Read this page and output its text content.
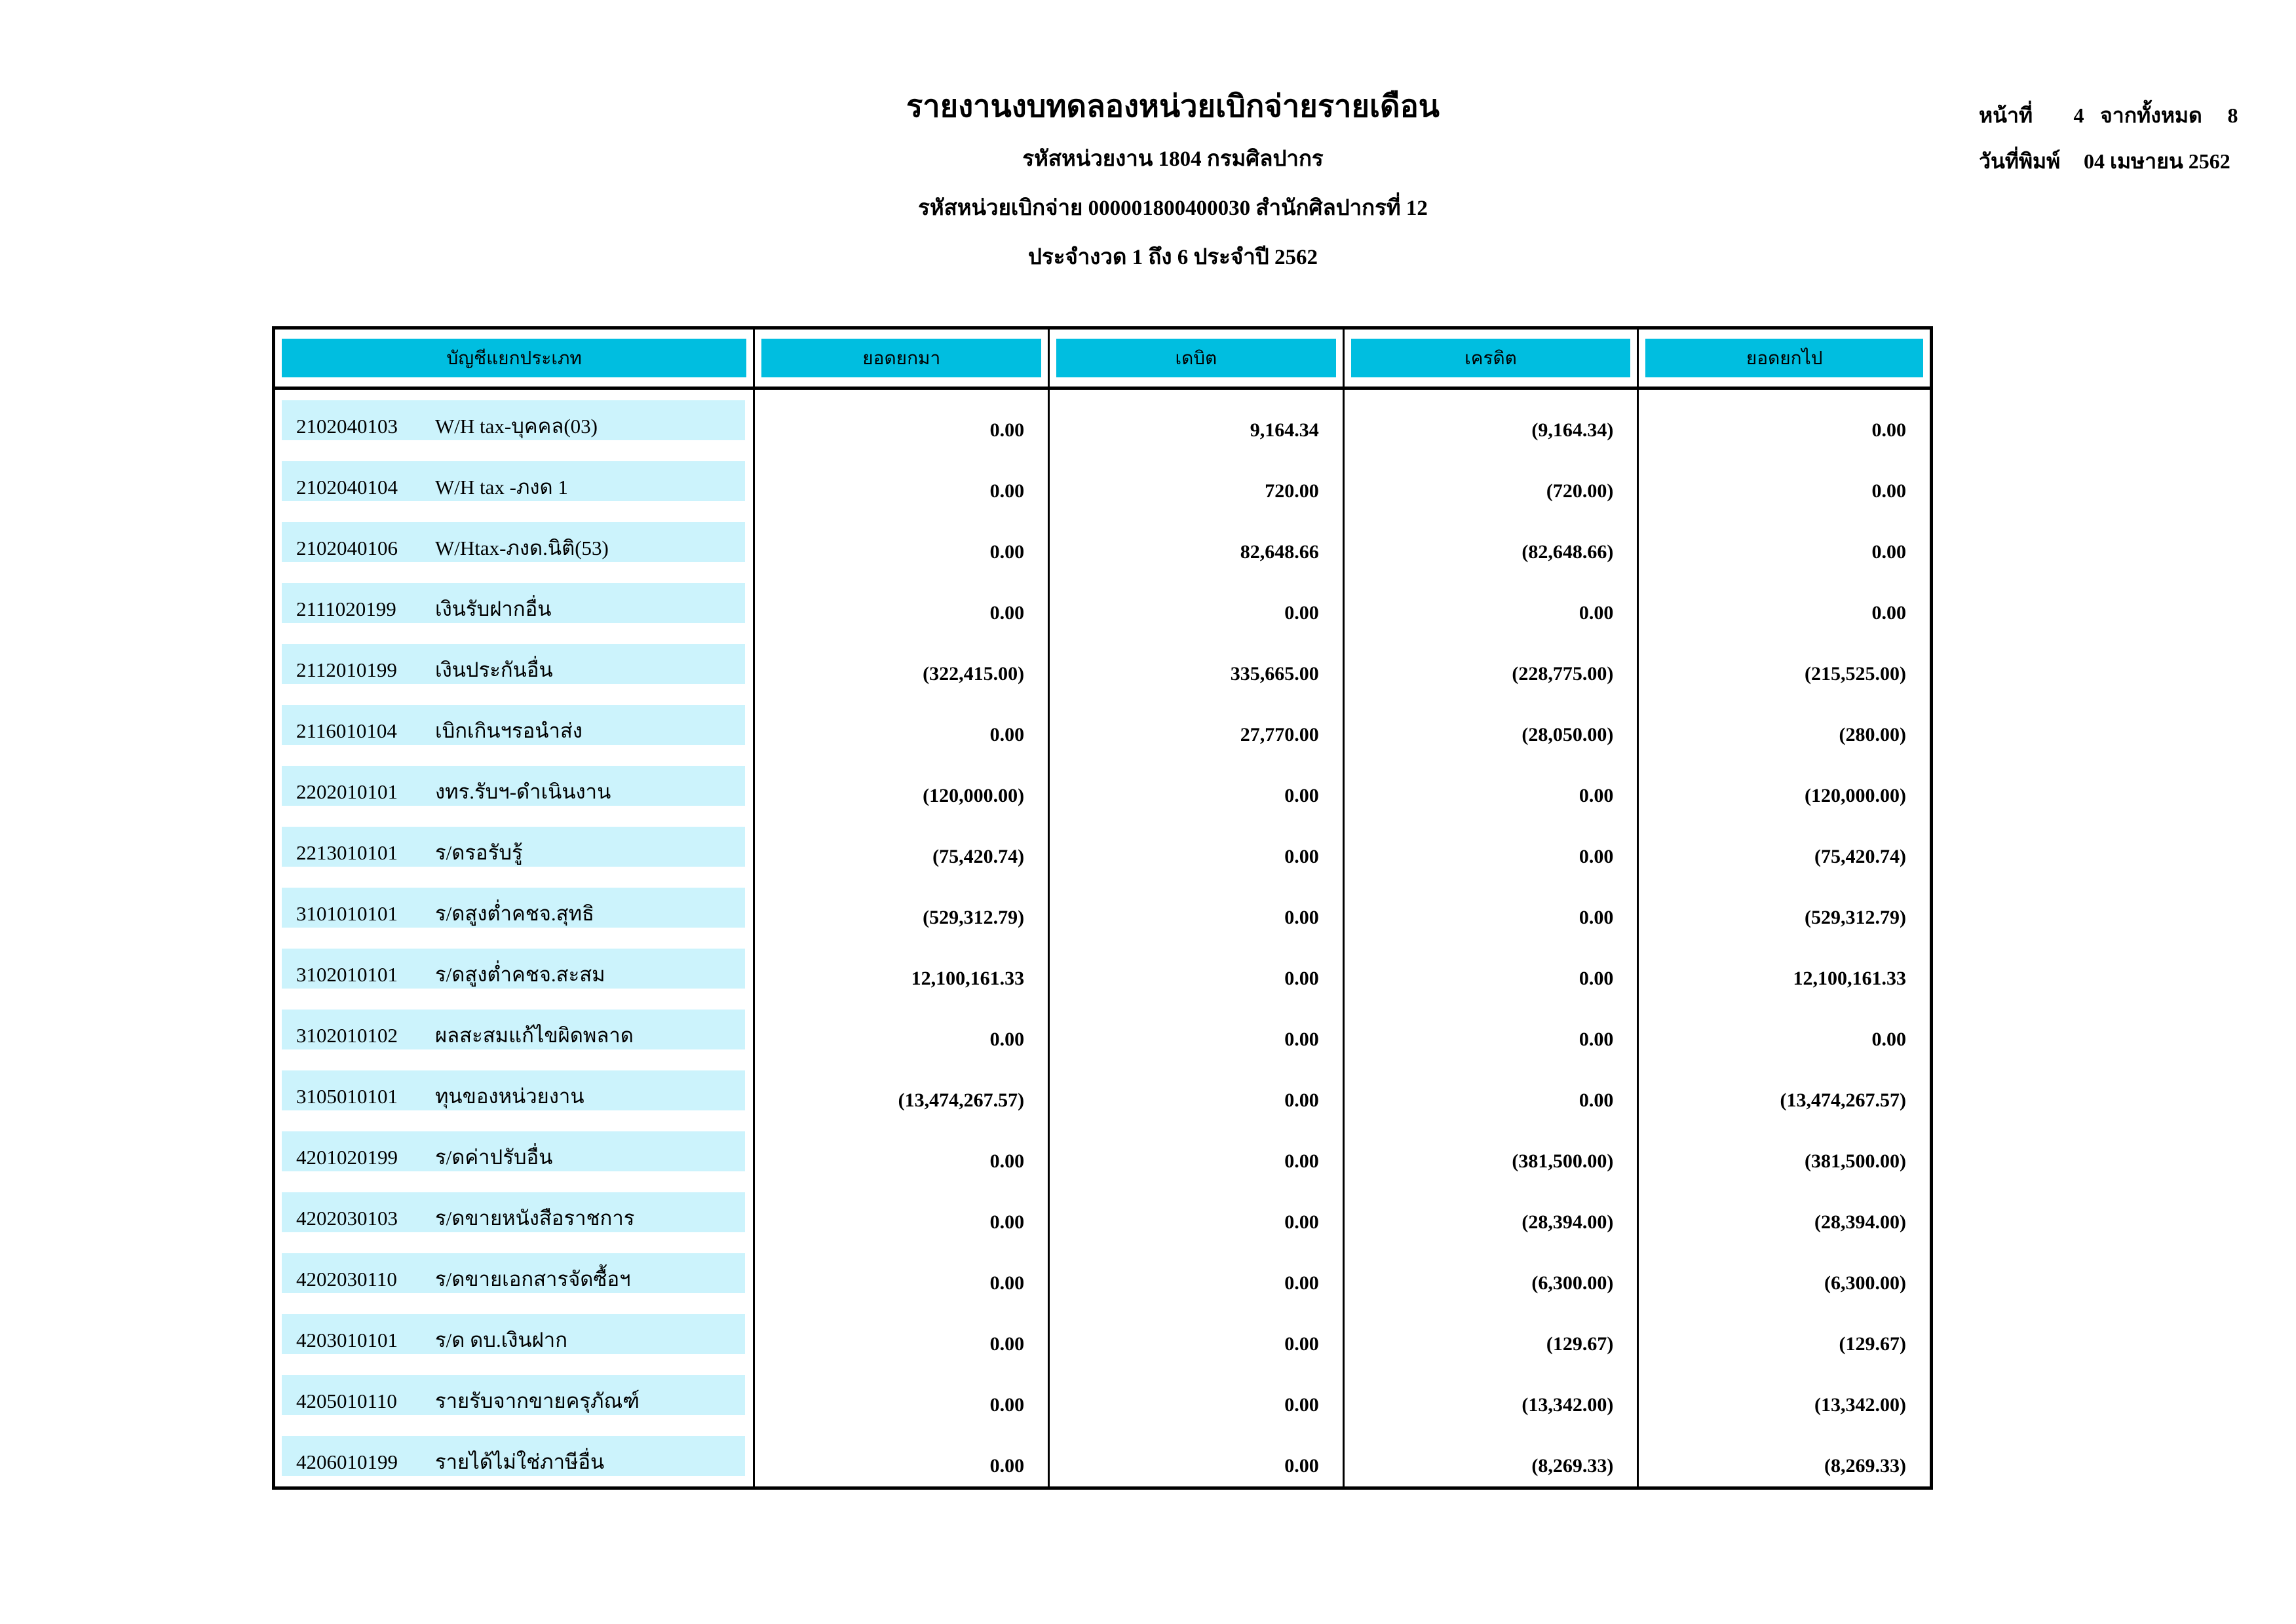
รายงานงบทดลองหน่วยเบิกจ่ายรายเดือน
รหัสหน่วยงาน 1804 กรมศิลปากร
รหัสหน่วยเบิกจ่าย 000001800400030 สำนักศิลปากรที่ 12
ประจำงวด 1 ถึง 6 ประจำปี 2562
หน้าที่	4 จากทั้งหมด	8
วันที่พิมพ์	04 เมษายน 2562
บัญชีแยกประเภท	ยอดยกมา	เดบิต	เครดิต	ยอดยกไป
2102040103	W/H tax-บุคคล(03)	0.00	9,164.34	(9,164.34)	0.00
2102040104	W/H tax -ภงด 1	0.00	720.00	(720.00)	0.00
2102040106	W/Htax-ภงด.นิติ(53)	0.00	82,648.66	(82,648.66)	0.00
2111020199	เงินรับฝากอื่น	0.00	0.00	0.00	0.00
2112010199	เงินประกันอื่น	(322,415.00)	335,665.00	(228,775.00)	(215,525.00)
2116010104	เบิกเกินฯรอนำส่ง	0.00	27,770.00	(28,050.00)	(280.00)
2202010101	งทร.รับฯ-ดำเนินงาน	(120,000.00)	0.00	0.00	(120,000.00)
2213010101	ร/ดรอรับรู้	(75,420.74)	0.00	0.00	(75,420.74)
3101010101	ร/ดสูงต่ำคชจ.สุทธิ	(529,312.79)	0.00	0.00	(529,312.79)
3102010101	ร/ดสูงต่ำคชจ.สะสม	12,100,161.33	0.00	0.00	12,100,161.33
3102010102	ผลสะสมแก้ไขผิดพลาด	0.00	0.00	0.00	0.00
3105010101	ทุนของหน่วยงาน	(13,474,267.57)	0.00	0.00	(13,474,267.57)
4201020199	ร/ดค่าปรับอื่น	0.00	0.00	(381,500.00)	(381,500.00)
4202030103	ร/ดขายหนังสือราชการ	0.00	0.00	(28,394.00)	(28,394.00)
4202030110	ร/ดขายเอกสารจัดซื้อฯ	0.00	0.00	(6,300.00)	(6,300.00)
4203010101	ร/ด ดบ.เงินฝาก	0.00	0.00	(129.67)	(129.67)
4205010110	รายรับจากขายครุภัณฑ์	0.00	0.00	(13,342.00)	(13,342.00)
4206010199	รายได้ไม่ใช่ภาษีอื่น	0.00	0.00	(8,269.33)	(8,269.33)
